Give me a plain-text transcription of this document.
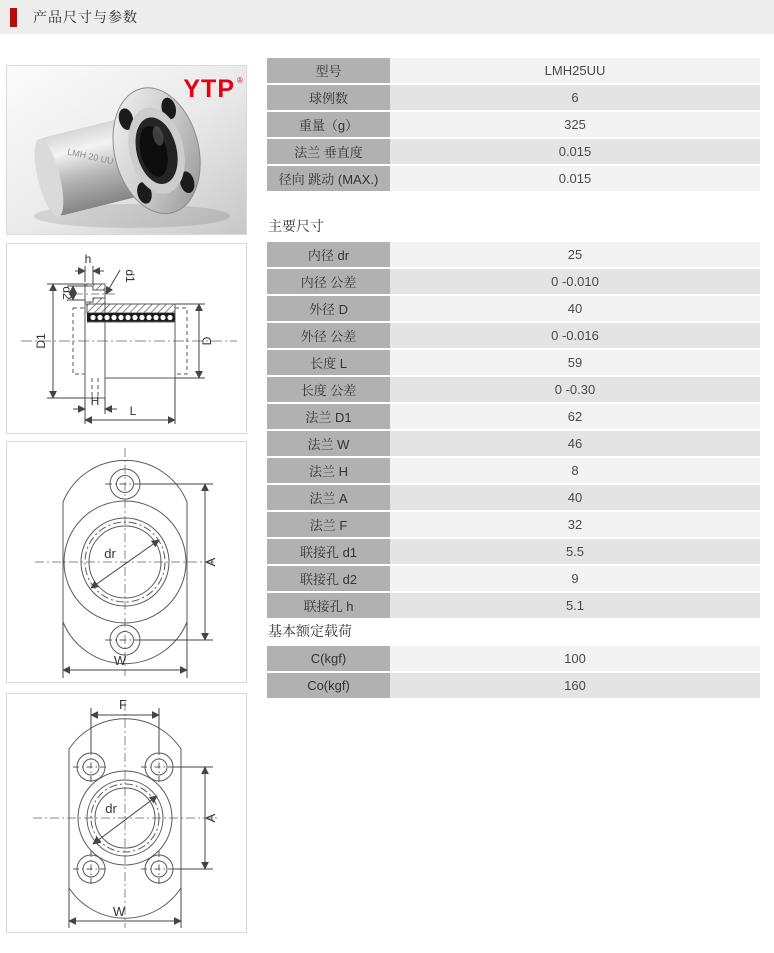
产品尺寸与参数
LMH 20 UU
YTP ®
h
d1
d2
D1	D
H
L
dr
A
W
F
dr
A
W
型号	LMH25UU
球例数	6
重量（g）	325
法兰 垂直度	0.015
径向 跳动 (MAX.)	0.015
主要尺寸
内径 dr	25
内径 公差	0 -0.010
外径 D	40
外径 公差	0 -0.016
长度 L	59
长度 公差	0 -0.30
法兰 D1	62
法兰 W	46
法兰 H	8
法兰 A	40
法兰 F	32
联接孔 d1	5.5
联接孔 d2	9
联接孔 h	5.1
基本额定载荷
C(kgf)	100
Co(kgf)	160
